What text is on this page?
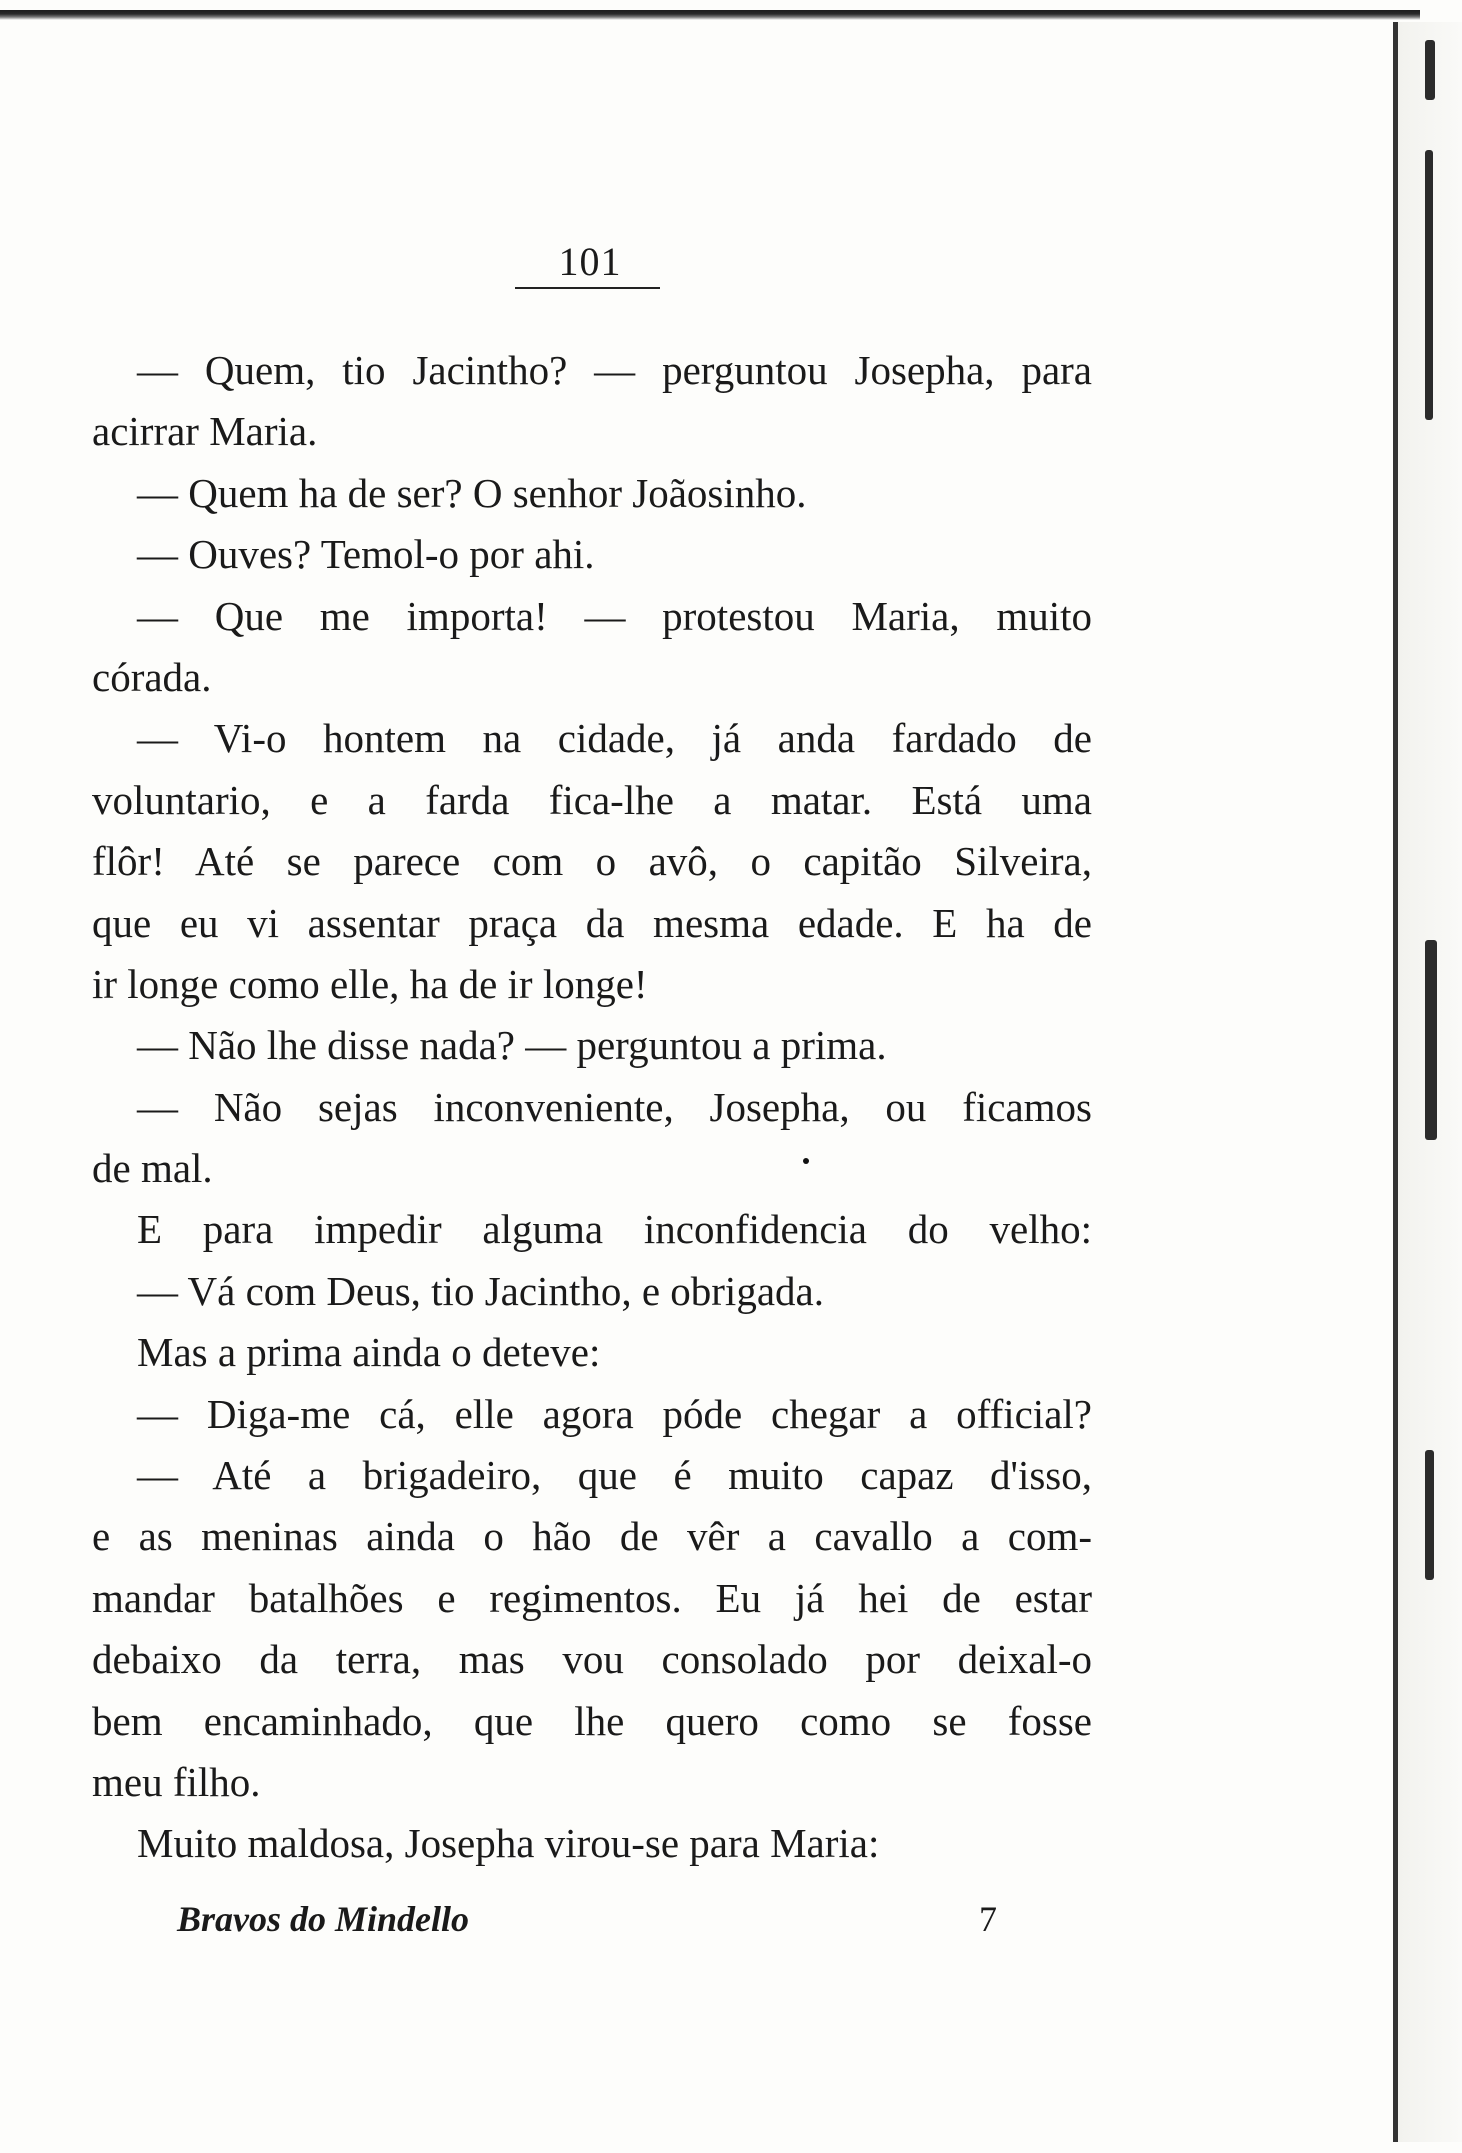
101
— Quem, tio Jacintho? — perguntou Josepha, para
acirrar Maria.
— Quem ha de ser? O senhor Joãosinho.
— Ouves? Temol-o por ahi.
— Que me importa! — protestou Maria, muito
córada.
— Vi-o hontem na cidade, já anda fardado de
voluntario, e a farda fica-lhe a matar. Está uma
flôr! Até se parece com o avô, o capitão Silveira,
que eu vi assentar praça da mesma edade. E ha de
ir longe como elle, ha de ir longe!
— Não lhe disse nada? — perguntou a prima.
— Não sejas inconveniente, Josepha, ou ficamos
de mal.
E para impedir alguma inconfidencia do velho:
— Vá com Deus, tio Jacintho, e obrigada.
Mas a prima ainda o deteve:
— Diga-me cá, elle agora póde chegar a official?
— Até a brigadeiro, que é muito capaz d'isso,
e as meninas ainda o hão de vêr a cavallo a com-
mandar batalhões e regimentos. Eu já hei de estar
debaixo da terra, mas vou consolado por deixal-o
bem encaminhado, que lhe quero como se fosse
meu filho.
Muito maldosa, Josepha virou-se para Maria:
Bravos do Mindello	7
